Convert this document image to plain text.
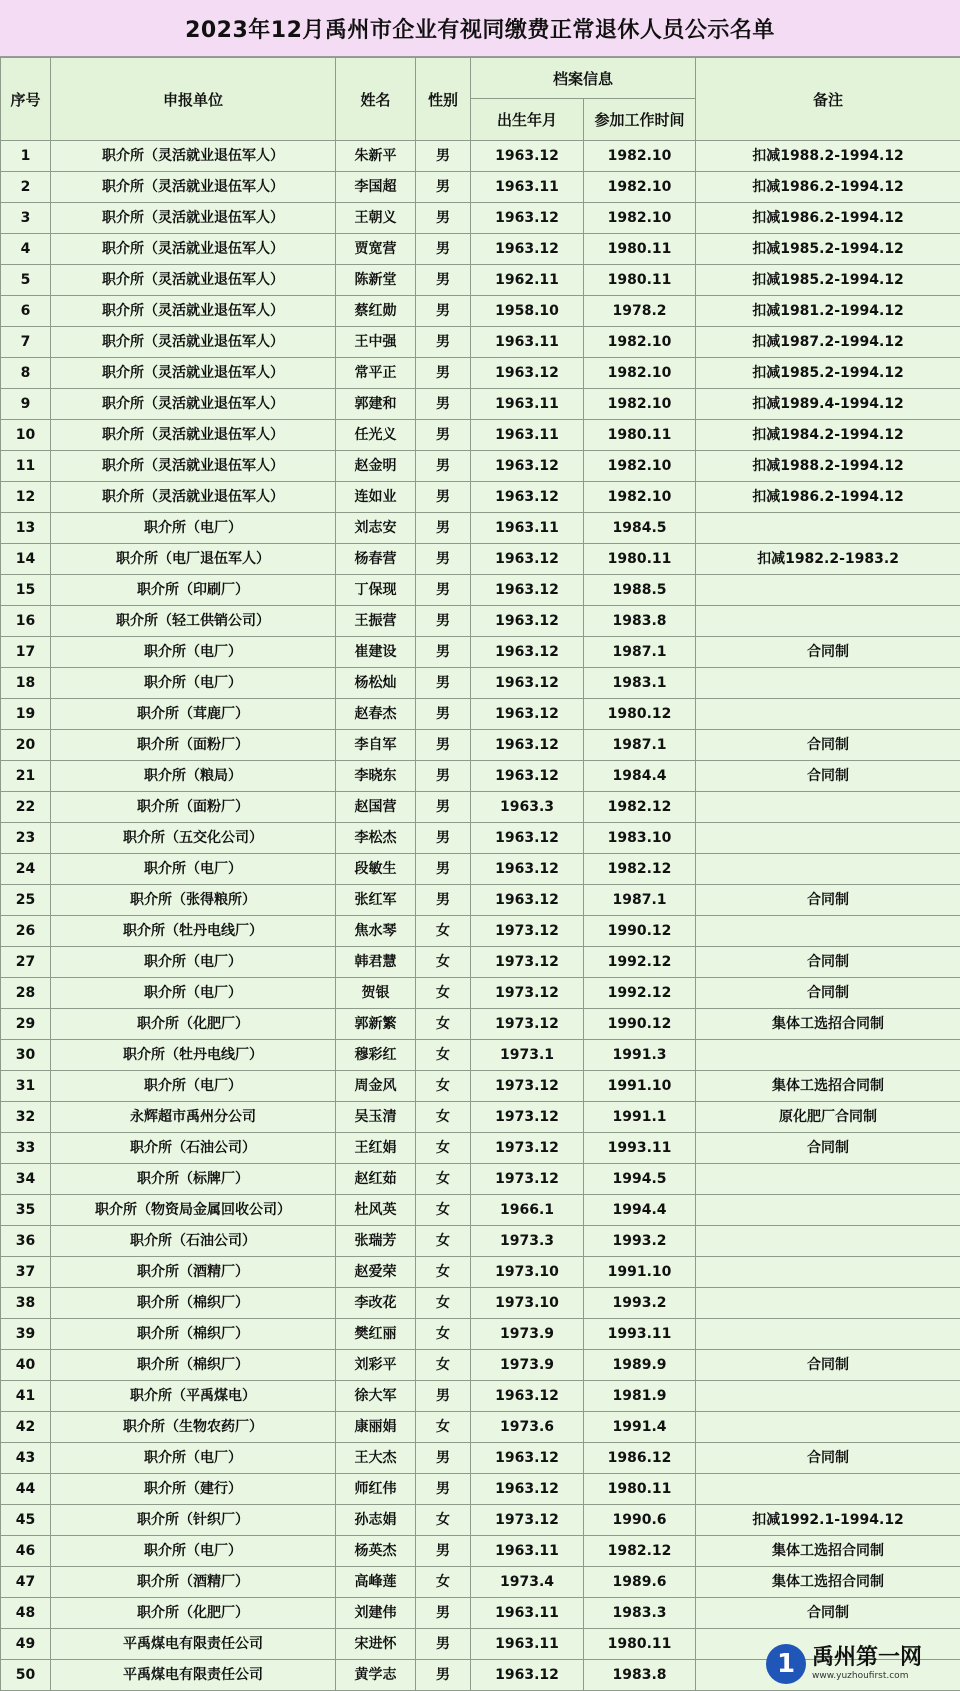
2023年12月禹州市企业有视同缴费正常退休人员公示名单
序号	申报单位	姓名	性别	档案信息		备注
				出生年月	参加工作时间	
1	职介所（灵活就业退伍军人）	朱新平	男	1963.12	1982.10	扣减1988.2-1994.12
2	职介所（灵活就业退伍军人）	李国超	男	1963.11	1982.10	扣减1986.2-1994.12
3	职介所（灵活就业退伍军人）	王朝义	男	1963.12	1982.10	扣减1986.2-1994.12
4	职介所（灵活就业退伍军人）	贾宽营	男	1963.12	1980.11	扣减1985.2-1994.12
5	职介所（灵活就业退伍军人）	陈新堂	男	1962.11	1980.11	扣减1985.2-1994.12
6	职介所（灵活就业退伍军人）	蔡红勋	男	1958.10	1978.2	扣减1981.2-1994.12
7	职介所（灵活就业退伍军人）	王中强	男	1963.11	1982.10	扣减1987.2-1994.12
8	职介所（灵活就业退伍军人）	常平正	男	1963.12	1982.10	扣减1985.2-1994.12
9	职介所（灵活就业退伍军人）	郭建和	男	1963.11	1982.10	扣减1989.4-1994.12
10	职介所（灵活就业退伍军人）	任光义	男	1963.11	1980.11	扣减1984.2-1994.12
11	职介所（灵活就业退伍军人）	赵金明	男	1963.12	1982.10	扣减1988.2-1994.12
12	职介所（灵活就业退伍军人）	连如业	男	1963.12	1982.10	扣减1986.2-1994.12
13	职介所（电厂）	刘志安	男	1963.11	1984.5	
14	职介所（电厂退伍军人）	杨春营	男	1963.12	1980.11	扣减1982.2-1983.2
15	职介所（印刷厂）	丁保现	男	1963.12	1988.5	
16	职介所（轻工供销公司）	王振营	男	1963.12	1983.8	
17	职介所（电厂）	崔建设	男	1963.12	1987.1	合同制
18	职介所（电厂）	杨松灿	男	1963.12	1983.1	
19	职介所（茸鹿厂）	赵春杰	男	1963.12	1980.12	
20	职介所（面粉厂）	李自军	男	1963.12	1987.1	合同制
21	职介所（粮局）	李晓东	男	1963.12	1984.4	合同制
22	职介所（面粉厂）	赵国营	男	1963.3	1982.12	
23	职介所（五交化公司）	李松杰	男	1963.12	1983.10	
24	职介所（电厂）	段敏生	男	1963.12	1982.12	
25	职介所（张得粮所）	张红军	男	1963.12	1987.1	合同制
26	职介所（牡丹电线厂）	焦水琴	女	1973.12	1990.12	
27	职介所（电厂）	韩君慧	女	1973.12	1992.12	合同制
28	职介所（电厂）	贺银	女	1973.12	1992.12	合同制
29	职介所（化肥厂）	郭新繁	女	1973.12	1990.12	集体工选招合同制
30	职介所（牡丹电线厂）	穆彩红	女	1973.1	1991.3	
31	职介所（电厂）	周金风	女	1973.12	1991.10	集体工选招合同制
32	永辉超市禹州分公司	吴玉清	女	1973.12	1991.1	原化肥厂合同制
33	职介所（石油公司）	王红娟	女	1973.12	1993.11	合同制
34	职介所（标牌厂）	赵红茹	女	1973.12	1994.5	
35	职介所（物资局金属回收公司）	杜风英	女	1966.1	1994.4	
36	职介所（石油公司）	张瑞芳	女	1973.3	1993.2	
37	职介所（酒精厂）	赵爱荣	女	1973.10	1991.10	
38	职介所（棉织厂）	李改花	女	1973.10	1993.2	
39	职介所（棉织厂）	樊红丽	女	1973.9	1993.11	
40	职介所（棉织厂）	刘彩平	女	1973.9	1989.9	合同制
41	职介所（平禹煤电）	徐大军	男	1963.12	1981.9	
42	职介所（生物农药厂）	康丽娟	女	1973.6	1991.4	
43	职介所（电厂）	王大杰	男	1963.12	1986.12	合同制
44	职介所（建行）	师红伟	男	1963.12	1980.11	
45	职介所（针织厂）	孙志娟	女	1973.12	1990.6	扣减1992.1-1994.12
46	职介所（电厂）	杨英杰	男	1963.11	1982.12	集体工选招合同制
47	职介所（酒精厂）	高峰莲	女	1973.4	1989.6	集体工选招合同制
48	职介所（化肥厂）	刘建伟	男	1963.11	1983.3	合同制
49	平禹煤电有限责任公司	宋进怀	男	1963.11	1980.11	
50	平禹煤电有限责任公司	黄学志	男	1963.12	1983.8	
1
禹州第一网
www.yuzhoufirst.com
